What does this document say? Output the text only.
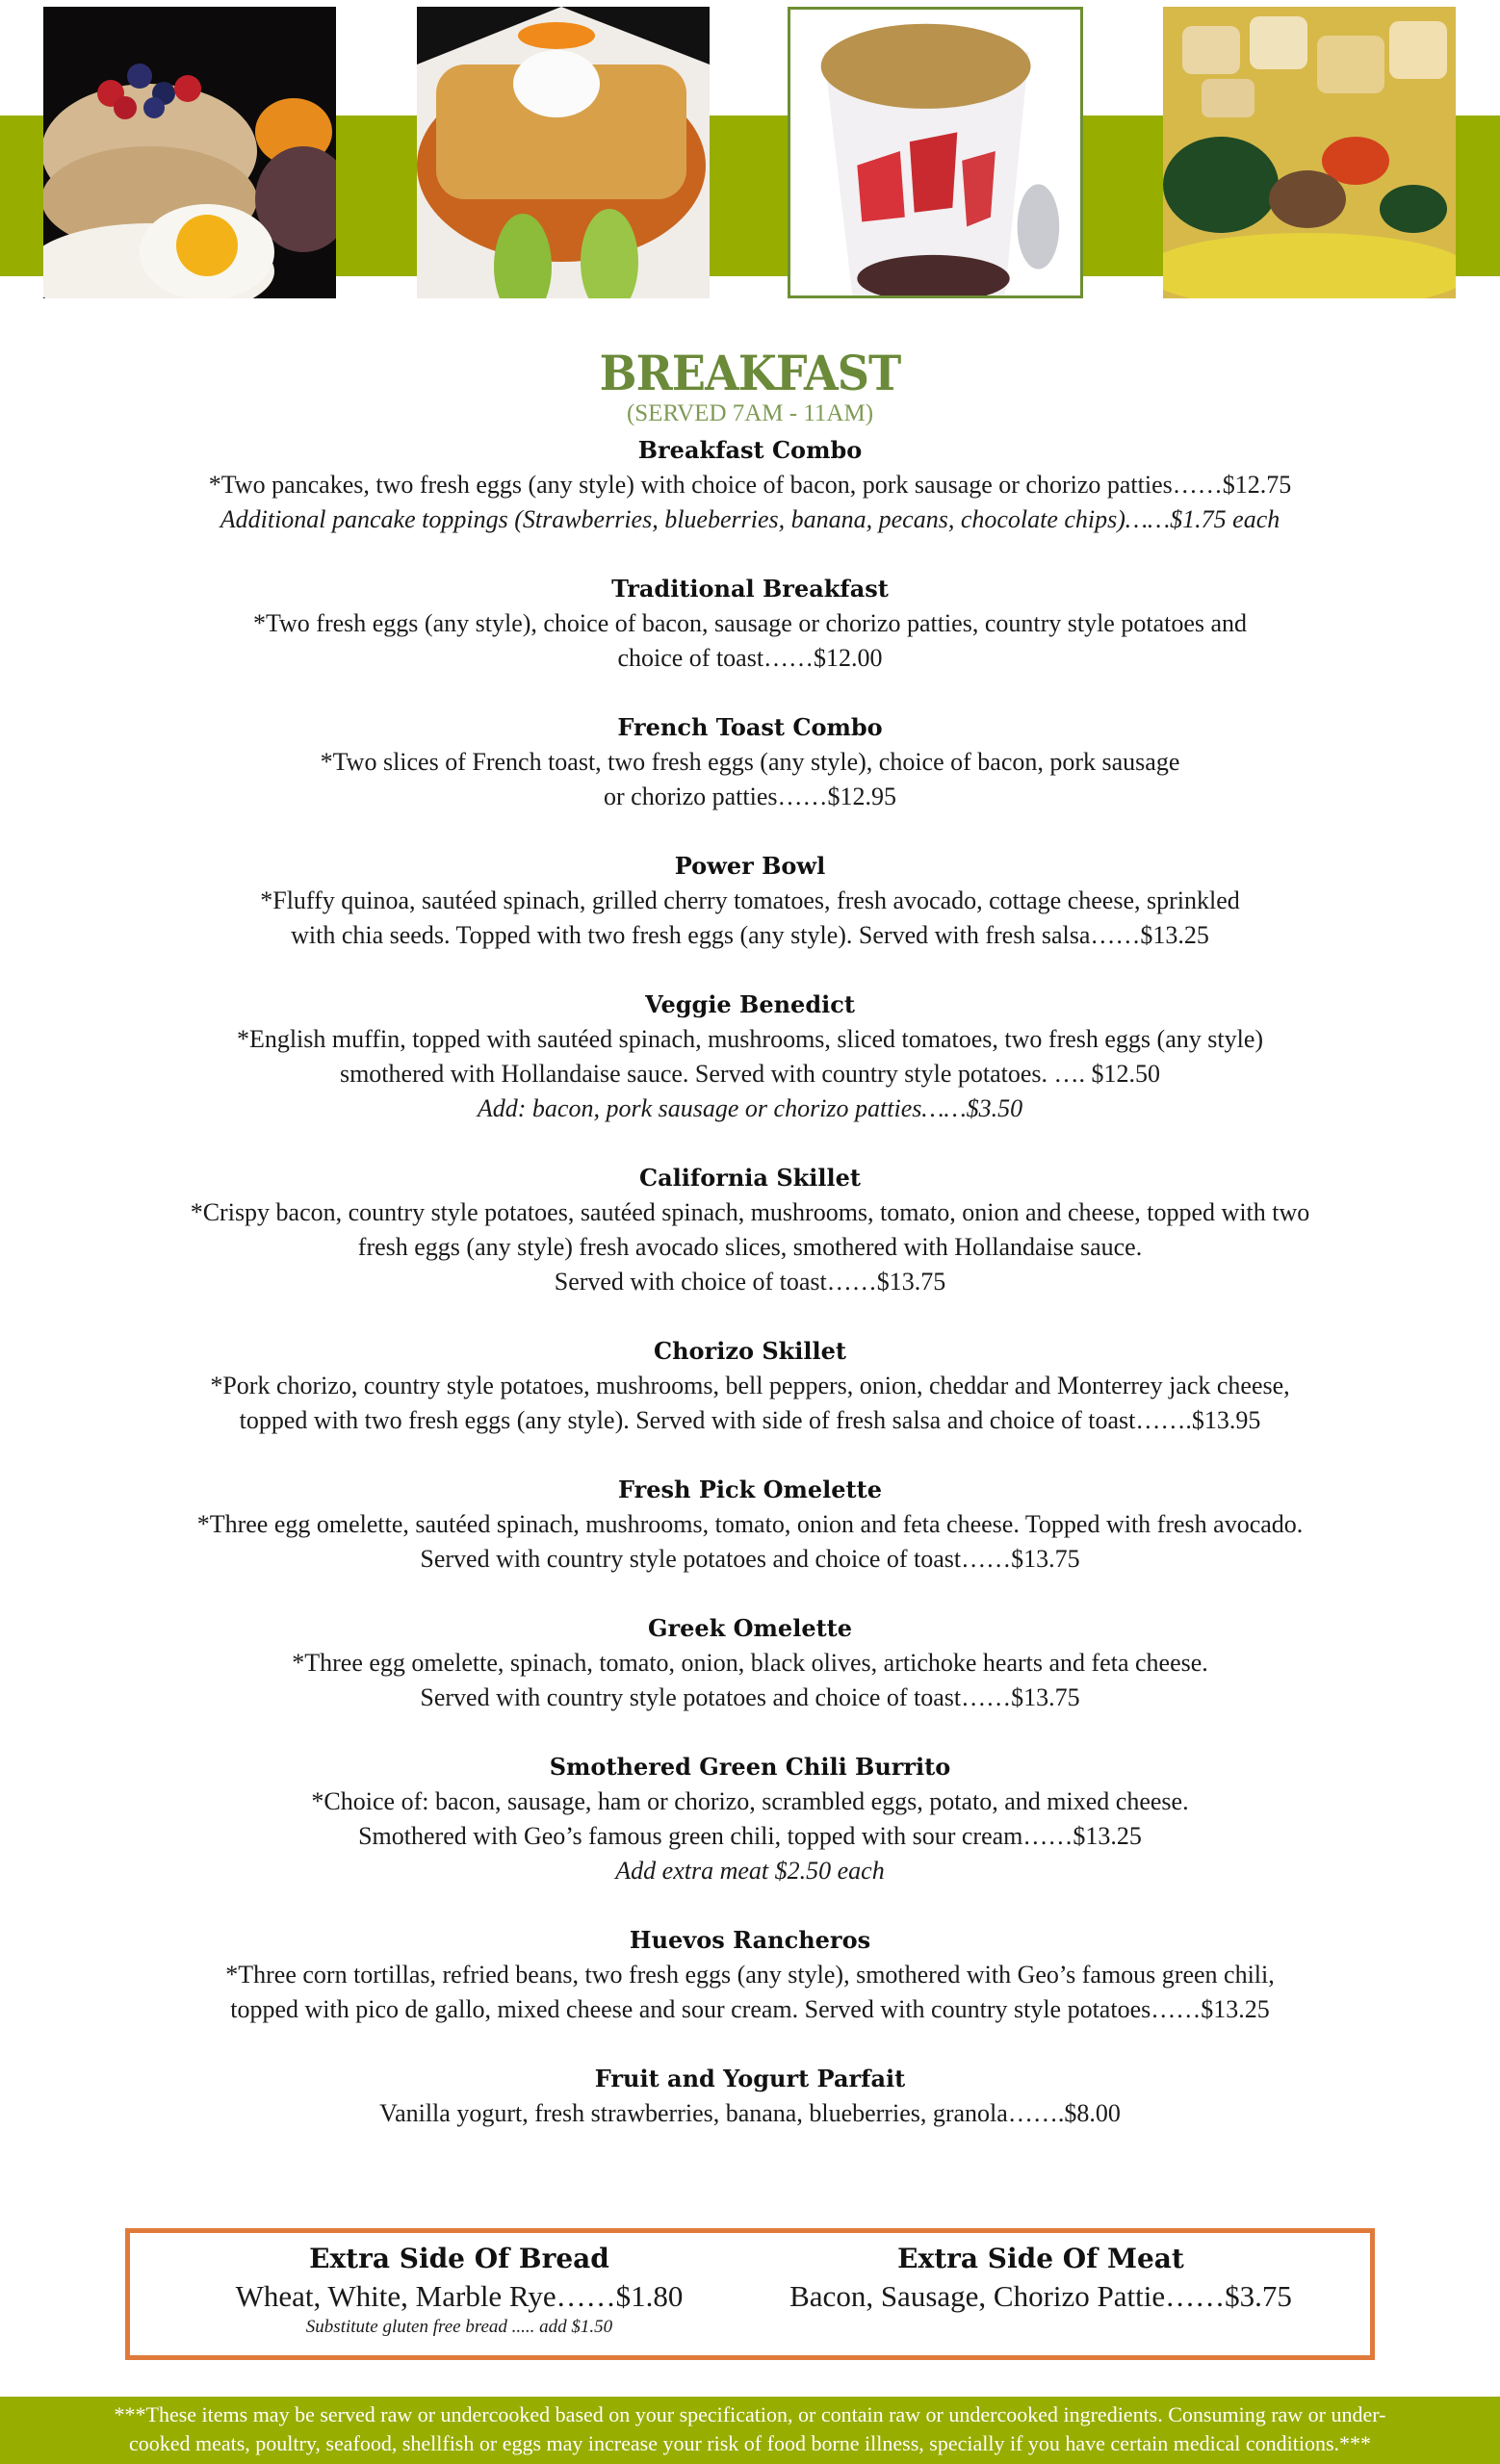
BREAKFAST
(SERVED 7AM - 11AM)
Breakfast Combo
*Two pancakes, two fresh eggs (any style) with choice of bacon, pork sausage or chorizo patties……$12.75
Additional pancake toppings (Strawberries, blueberries, banana, pecans, chocolate chips)……$1.75 each
Traditional Breakfast
*Two fresh eggs (any style), choice of bacon, sausage or chorizo patties, country style potatoes and
choice of toast……$12.00
French Toast Combo
*Two slices of French toast, two fresh eggs (any style), choice of bacon, pork sausage
or chorizo patties……$12.95
Power Bowl
*Fluffy quinoa, sautéed spinach, grilled cherry tomatoes, fresh avocado, cottage cheese, sprinkled
with chia seeds. Topped with two fresh eggs (any style). Served with fresh salsa……$13.25
Veggie Benedict
*English muffin, topped with sautéed spinach, mushrooms, sliced tomatoes, two fresh eggs (any style)
smothered with Hollandaise sauce. Served with country style potatoes. …. $12.50
Add: bacon, pork sausage or chorizo patties……$3.50
California Skillet
*Crispy bacon, country style potatoes, sautéed spinach, mushrooms, tomato, onion and cheese, topped with two
fresh eggs (any style) fresh avocado slices, smothered with Hollandaise sauce.
Served with choice of toast……$13.75
Chorizo Skillet
*Pork chorizo, country style potatoes, mushrooms, bell peppers, onion, cheddar and Monterrey jack cheese,
topped with two fresh eggs (any style). Served with side of fresh salsa and choice of toast…….$13.95
Fresh Pick Omelette
*Three egg omelette, sautéed spinach, mushrooms, tomato, onion and feta cheese. Topped with fresh avocado.
Served with country style potatoes and choice of toast……$13.75
Greek Omelette
*Three egg omelette, spinach, tomato, onion, black olives, artichoke hearts and feta cheese.
Served with country style potatoes and choice of toast……$13.75
Smothered Green Chili Burrito
*Choice of: bacon, sausage, ham or chorizo, scrambled eggs, potato, and mixed cheese.
Smothered with Geo’s famous green chili, topped with sour cream……$13.25
Add extra meat $2.50 each
Huevos Rancheros
*Three corn tortillas, refried beans, two fresh eggs (any style), smothered with Geo’s famous green chili,
topped with pico de gallo, mixed cheese and sour cream. Served with country style potatoes……$13.25
Fruit and Yogurt Parfait
Vanilla yogurt, fresh strawberries, banana, blueberries, granola…….$8.00
Extra Side Of Bread
Wheat, White, Marble Rye……$1.80
Substitute gluten free bread ..... add $1.50
Extra Side Of Meat
Bacon, Sausage, Chorizo Pattie……$3.75
***These items may be served raw or undercooked based on your specification, or contain raw or undercooked ingredients. Consuming raw or under-
cooked meats, poultry, seafood, shellfish or eggs may increase your risk of food borne illness, specially if you have certain medical conditions.***
